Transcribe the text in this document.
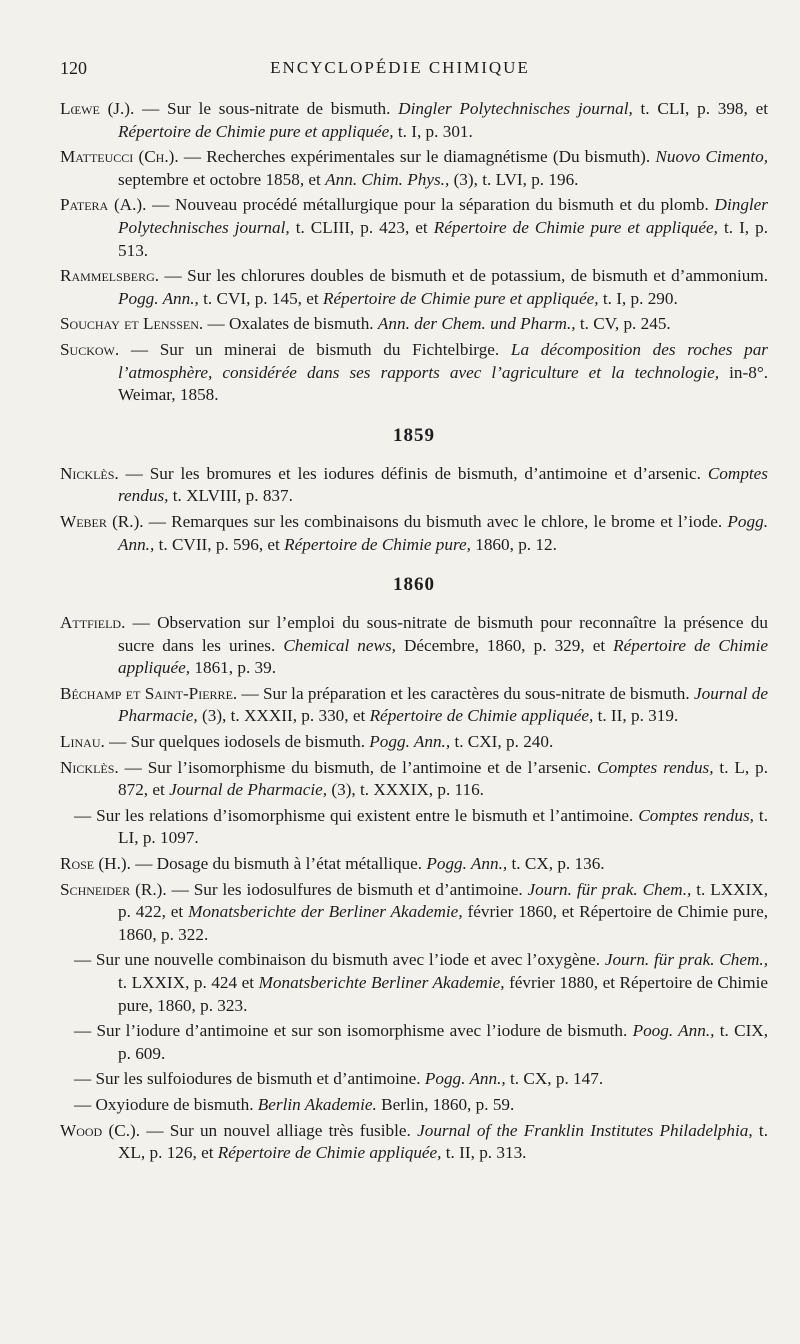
120	ENCYCLOPÉDIE CHIMIQUE

Lœwe (J.). — Sur le sous-nitrate de bismuth. Dingler Polytechnisches journal, t. CLI, p. 398, et Répertoire de Chimie pure et appliquée, t. I, p. 301.

Matteucci (Ch.). — Recherches expérimentales sur le diamagnétisme (Du bismuth). Nuovo Cimento, septembre et octobre 1858, et Ann. Chim. Phys., (3), t. LVI, p. 196.

Patera (A.). — Nouveau procédé métallurgique pour la séparation du bismuth et du plomb. Dingler Polytechnisches journal, t. CLIII, p. 423, et Répertoire de Chimie pure et appliquée, t. I, p. 513.

Rammelsberg. — Sur les chlorures doubles de bismuth et de potassium, de bismuth et d’ammonium. Pogg. Ann., t. CVI, p. 145, et Répertoire de Chimie pure et appliquée, t. I, p. 290.

Souchay et Lenssen. — Oxalates de bismuth. Ann. der Chem. und Pharm., t. CV, p. 245.

Suckow. — Sur un minerai de bismuth du Fichtelbirge. La décomposition des roches par l’atmosphère, considérée dans ses rapports avec l’agriculture et la technologie, in-8°. Weimar, 1858.

1859

Nicklès. — Sur les bromures et les iodures définis de bismuth, d’antimoine et d’arsenic. Comptes rendus, t. XLVIII, p. 837.

Weber (R.). — Remarques sur les combinaisons du bismuth avec le chlore, le brome et l’iode. Pogg. Ann., t. CVII, p. 596, et Répertoire de Chimie pure, 1860, p. 12.

1860

Attfield. — Observation sur l’emploi du sous-nitrate de bismuth pour reconnaître la présence du sucre dans les urines. Chemical news, Décembre, 1860, p. 329, et Répertoire de Chimie appliquée, 1861, p. 39.

Béchamp et Saint-Pierre. — Sur la préparation et les caractères du sous-nitrate de bismuth. Journal de Pharmacie, (3), t. XXXII, p. 330, et Répertoire de Chimie appliquée, t. II, p. 319.

Linau. — Sur quelques iodosels de bismuth. Pogg. Ann., t. CXI, p. 240.

Nicklès. — Sur l’isomorphisme du bismuth, de l’antimoine et de l’arsenic. Comptes rendus, t. L, p. 872, et Journal de Pharmacie, (3), t. XXXIX, p. 116.

— Sur les relations d’isomorphisme qui existent entre le bismuth et l’antimoine. Comptes rendus, t. LI, p. 1097.

Rose (H.). — Dosage du bismuth à l’état métallique. Pogg. Ann., t. CX, p. 136.

Schneider (R.). — Sur les iodosulfures de bismuth et d’antimoine. Journ. für prak. Chem., t. LXXIX, p. 422, et Monatsberichte der Berliner Akademie, février 1860, et Répertoire de Chimie pure, 1860, p. 322.

— Sur une nouvelle combinaison du bismuth avec l’iode et avec l’oxygène. Journ. für prak. Chem., t. LXXIX, p. 424 et Monatsberichte Berliner Akademie, février 1880, et Répertoire de Chimie pure, 1860, p. 323.

— Sur l’iodure d’antimoine et sur son isomorphisme avec l’iodure de bismuth. Poog. Ann., t. CIX, p. 609.

— Sur les sulfoiodures de bismuth et d’antimoine. Pogg. Ann., t. CX, p. 147.

— Oxyiodure de bismuth. Berlin Akademie. Berlin, 1860, p. 59.

Wood (C.). — Sur un nouvel alliage très fusible. Journal of the Franklin Institutes Philadelphia, t. XL, p. 126, et Répertoire de Chimie appliquée, t. II, p. 313.
